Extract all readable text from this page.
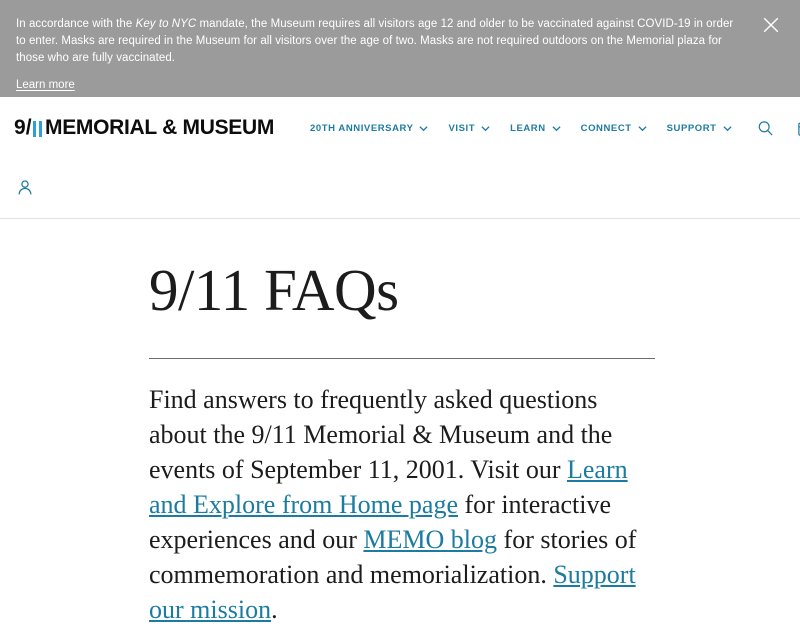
In accordance with the Key to NYC mandate, the Museum requires all visitors age 12 and older to be vaccinated against COVID-19 in order to enter. Masks are required in the Museum for all visitors over the age of two. Masks are not required outdoors on the Memorial plaza for those who are fully vaccinated.

Learn more
9/ MEMORIAL & MUSEUM	20TH ANNIVERSARY	VISIT	LEARN	CONNECT	SUPPORT
9/11 FAQs

Find answers to frequently asked questions about the 9/11 Memorial & Museum and the events of September 11, 2001. Visit our Learn and Explore from Home page for interactive experiences and our MEMO blog for stories of commemoration and memorialization. Support our mission.
